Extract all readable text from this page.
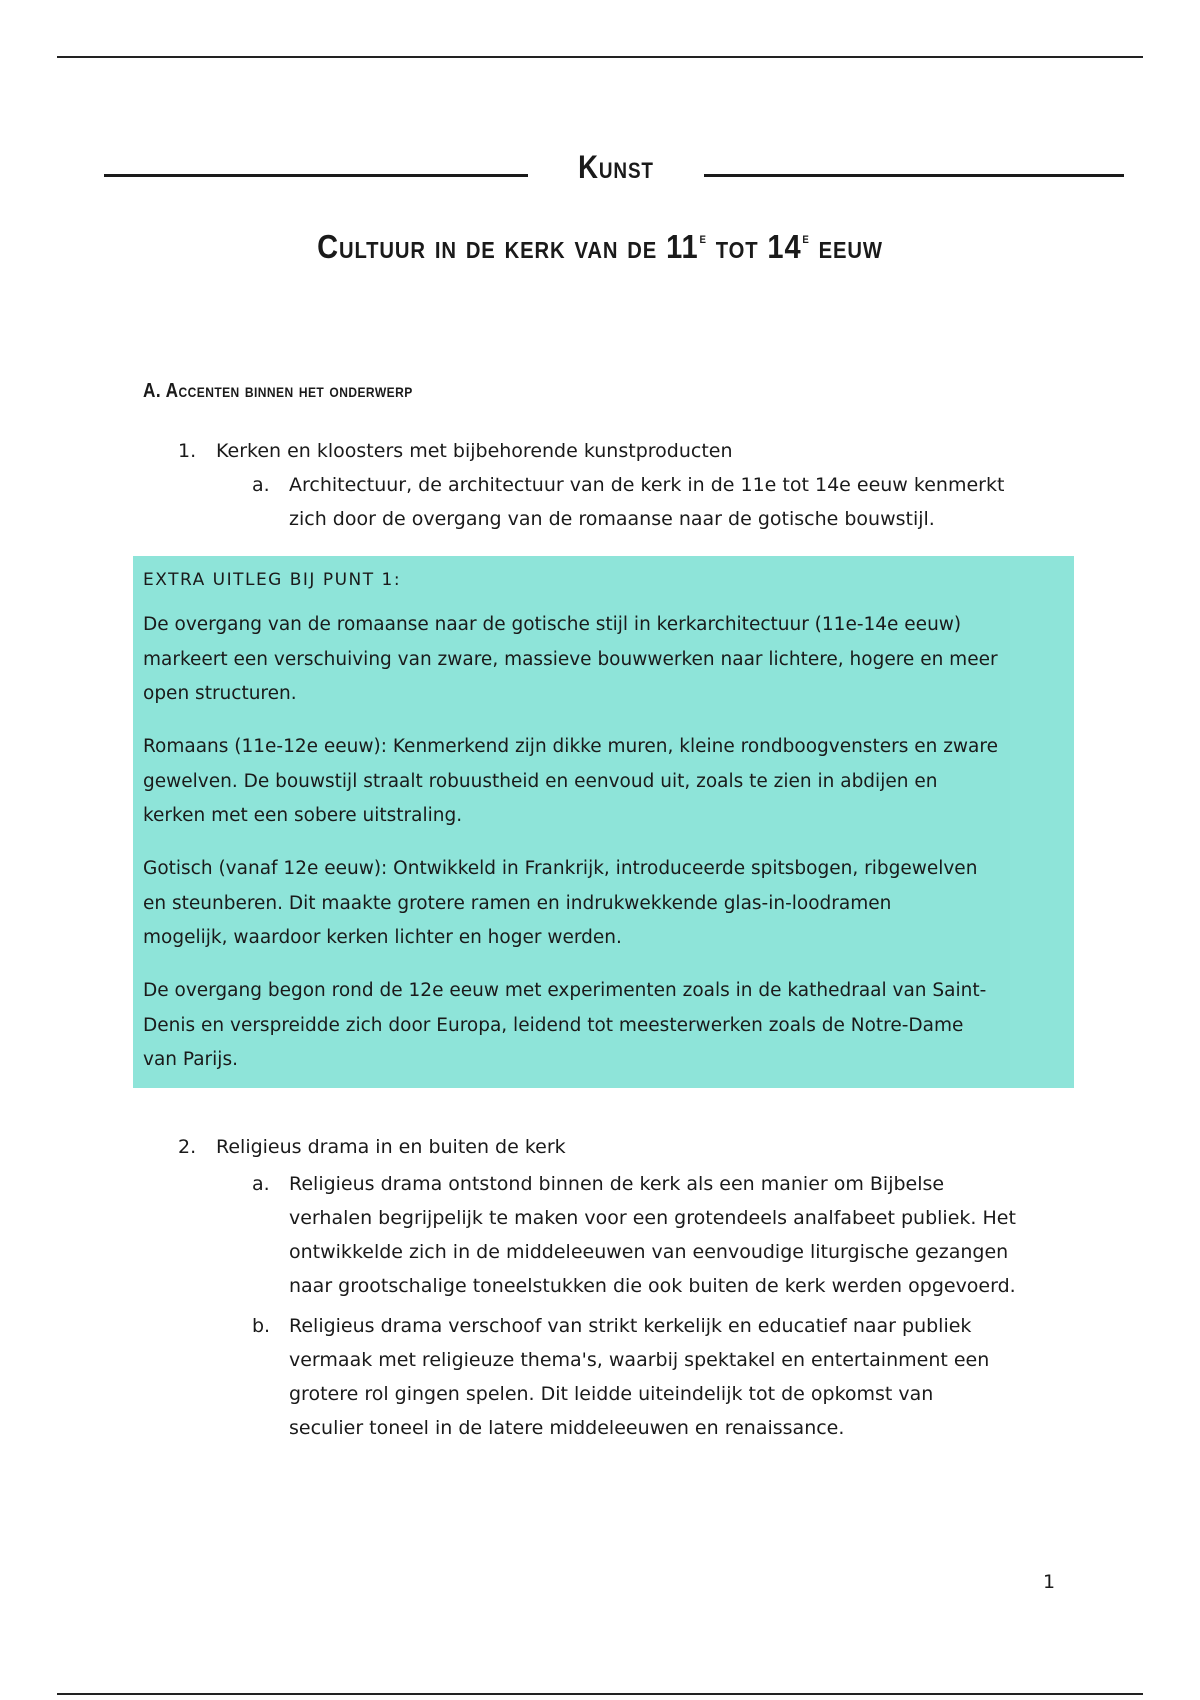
Kunst
Cultuur in de kerk van de 11e tot 14e eeuw
A. Accenten binnen het onderwerp
1. Kerken en kloosters met bijbehorende kunstproducten
a. Architectuur, de architectuur van de kerk in de 11e tot 14e eeuw kenmerkt
zich door de overgang van de romaanse naar de gotische bouwstijl.
EXTRA UITLEG BIJ PUNT 1:
De overgang van de romaanse naar de gotische stijl in kerkarchitectuur (11e-14e eeuw)
markeert een verschuiving van zware, massieve bouwwerken naar lichtere, hogere en meer
open structuren.
Romaans (11e-12e eeuw): Kenmerkend zijn dikke muren, kleine rondboogvensters en zware
gewelven. De bouwstijl straalt robuustheid en eenvoud uit, zoals te zien in abdijen en
kerken met een sobere uitstraling.
Gotisch (vanaf 12e eeuw): Ontwikkeld in Frankrijk, introduceerde spitsbogen, ribgewelven
en steunberen. Dit maakte grotere ramen en indrukwekkende glas-in-loodramen
mogelijk, waardoor kerken lichter en hoger werden.
De overgang begon rond de 12e eeuw met experimenten zoals in de kathedraal van Saint-
Denis en verspreidde zich door Europa, leidend tot meesterwerken zoals de Notre-Dame
van Parijs.
2. Religieus drama in en buiten de kerk
a. Religieus drama ontstond binnen de kerk als een manier om Bijbelse
verhalen begrijpelijk te maken voor een grotendeels analfabeet publiek. Het
ontwikkelde zich in de middeleeuwen van eenvoudige liturgische gezangen
naar grootschalige toneelstukken die ook buiten de kerk werden opgevoerd.
b. Religieus drama verschoof van strikt kerkelijk en educatief naar publiek
vermaak met religieuze thema's, waarbij spektakel en entertainment een
grotere rol gingen spelen. Dit leidde uiteindelijk tot de opkomst van
seculier toneel in de latere middeleeuwen en renaissance.
1
